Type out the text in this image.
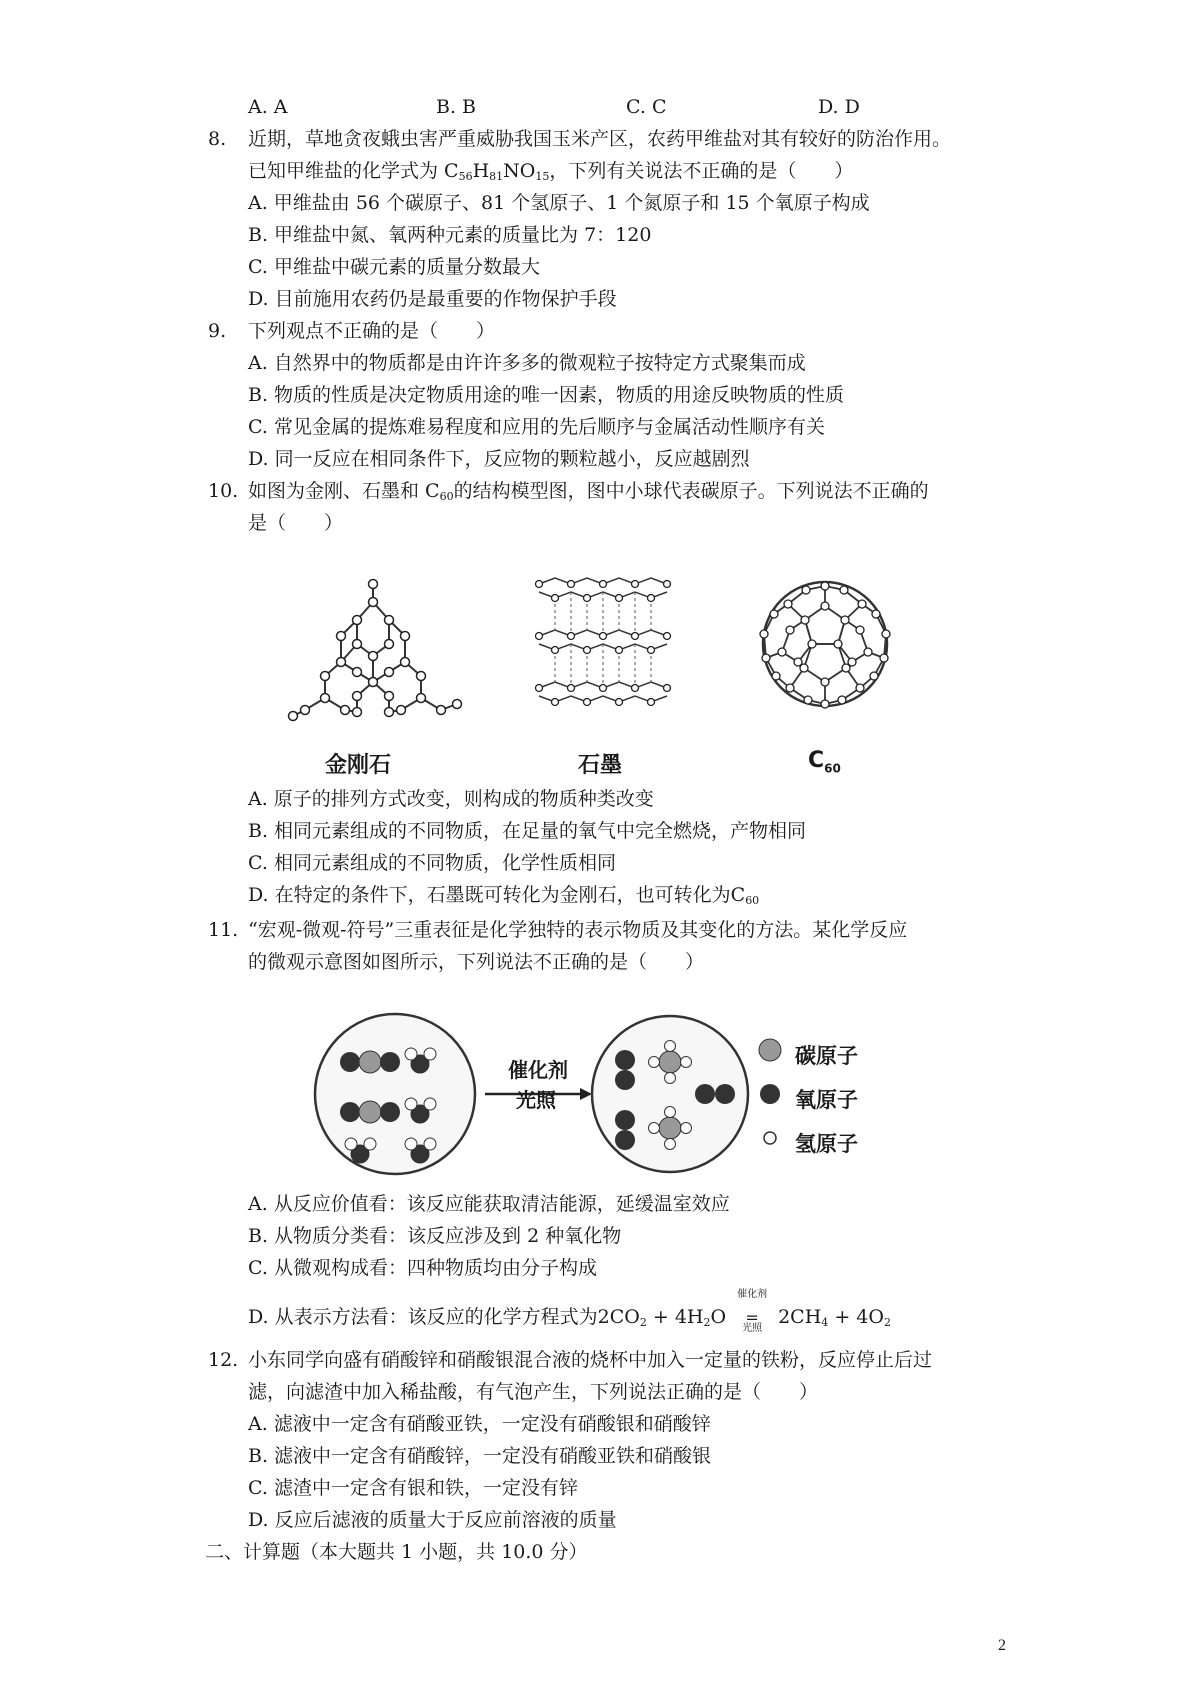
A. A	B. B	C. C	D. D
8. 近期，草地贪夜蛾虫害严重威胁我国玉米产区，农药甲维盐对其有较好的防治作用。
已知甲维盐的化学式为 $C_{56}H_{81}NO_{15}$，下列有关说法不正确的是（　　）
A. 甲维盐由 56 个碳原子、81 个氢原子、1 个氮原子和 15 个氧原子构成
B. 甲维盐中氮、氧两种元素的质量比为 7：120
C. 甲维盐中碳元素的质量分数最大
D. 目前施用农药仍是最重要的作物保护手段
9. 下列观点不正确的是（　　）
A. 自然界中的物质都是由许许多多的微观粒子按特定方式聚集而成
B. 物质的性质是决定物质用途的唯一因素，物质的用途反映物质的性质
C. 常见金属的提炼难易程度和应用的先后顺序与金属活动性顺序有关
D. 同一反应在相同条件下，反应物的颗粒越小，反应越剧烈
10. 如图为金刚、石墨和 $C_{60}$的结构模型图，图中小球代表碳原子。下列说法不正确的
是（　　）
金刚石	石墨	$C_{60}$
A. 原子的排列方式改变，则构成的物质种类改变
B. 相同元素组成的不同物质，在足量的氧气中完全燃烧，产物相同
C. 相同元素组成的不同物质，化学性质相同
D. 在特定的条件下，石墨既可转化为金刚石，也可转化为$C_{60}$
11. “宏观-微观-符号”三重表征是化学独特的表示物质及其变化的方法。某化学反应
的微观示意图如图所示，下列说法不正确的是（　　）
催化剂
光照
碳原子
氧原子
氢原子
A. 从反应价值看：该反应能获取清洁能源，延缓温室效应
B. 从物质分类看：该反应涉及到 2 种氧化物
C. 从微观构成看：四种物质均由分子构成
D. 从表示方法看：该反应的化学方程式为$2CO_2 + 4H_2O$
催化剂
=
光照
$2CH_4 + 4O_2$
12. 小东同学向盛有硝酸锌和硝酸银混合液的烧杯中加入一定量的铁粉，反应停止后过
滤，向滤渣中加入稀盐酸，有气泡产生，下列说法正确的是（　　）
A. 滤液中一定含有硝酸亚铁，一定没有硝酸银和硝酸锌
B. 滤液中一定含有硝酸锌，一定没有硝酸亚铁和硝酸银
C. 滤渣中一定含有银和铁，一定没有锌
D. 反应后滤液的质量大于反应前溶液的质量
二、计算题（本大题共 1 小题，共 10.0 分）
2
